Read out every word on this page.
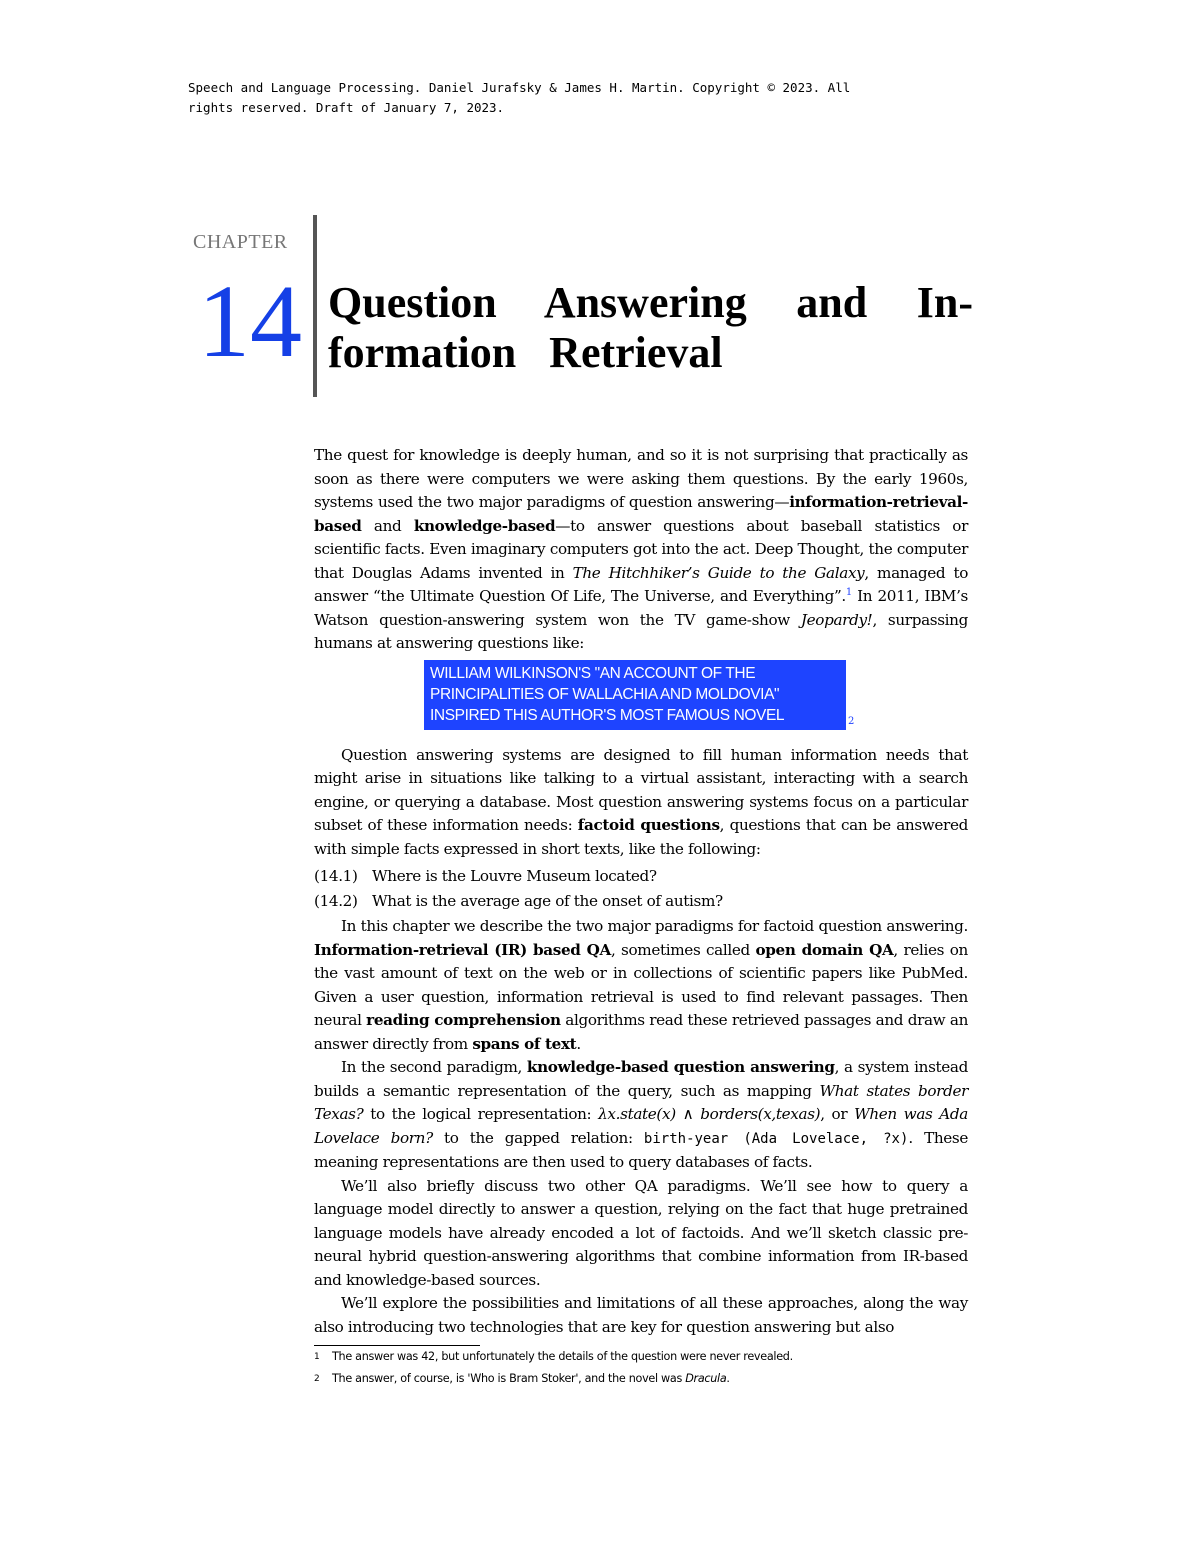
Speech and Language Processing. Daniel Jurafsky & James H. Martin. Copyright © 2023. All
rights reserved. Draft of January 7, 2023.
CHAPTER
14 Question Answering and In-formation Retrieval

The quest for knowledge is deeply human, and so it is not surprising that practically as soon as there were computers we were asking them questions. By the early 1960s, systems used the two major paradigms of question answering—information-retrieval-based and knowledge-based—to answer questions about baseball statistics or scientific facts. Even imaginary computers got into the act. Deep Thought, the computer that Douglas Adams invented in The Hitchhiker’s Guide to the Galaxy, managed to answer “the Ultimate Question Of Life, The Universe, and Everything”.$^1$ In 2011, IBM’s Watson question-answering system won the TV game-show Jeopardy!, surpassing humans at answering questions like:

WILLIAM WILKINSON'S "AN ACCOUNT OF THE
PRINCIPALITIES OF WALLACHIA AND MOLDOVIA"
INSPIRED THIS AUTHOR'S MOST FAMOUS NOVEL	2

Question answering systems are designed to fill human information needs that might arise in situations like talking to a virtual assistant, interacting with a search engine, or querying a database. Most question answering systems focus on a particular subset of these information needs: factoid questions, questions that can be answered with simple facts expressed in short texts, like the following:

(14.1) Where is the Louvre Museum located?
(14.2) What is the average age of the onset of autism?

In this chapter we describe the two major paradigms for factoid question answering. Information-retrieval (IR) based QA, sometimes called open domain QA, relies on the vast amount of text on the web or in collections of scientific papers like PubMed. Given a user question, information retrieval is used to find relevant passages. Then neural reading comprehension algorithms read these retrieved passages and draw an answer directly from spans of text.

In the second paradigm, knowledge-based question answering, a system instead builds a semantic representation of the query, such as mapping What states border Texas? to the logical representation: λx.state(x) ∧ borders(x,texas), or When was Ada Lovelace born? to the gapped relation: birth-year (Ada Lovelace, ?x). These meaning representations are then used to query databases of facts.

We’ll also briefly discuss two other QA paradigms. We’ll see how to query a language model directly to answer a question, relying on the fact that huge pretrained language models have already encoded a lot of factoids. And we’ll sketch classic pre-neural hybrid question-answering algorithms that combine information from IR-based and knowledge-based sources.

We’ll explore the possibilities and limitations of all these approaches, along the way also introducing two technologies that are key for question answering but also

1	The answer was 42, but unfortunately the details of the question were never revealed.
2	The answer, of course, is 'Who is Bram Stoker', and the novel was Dracula.
